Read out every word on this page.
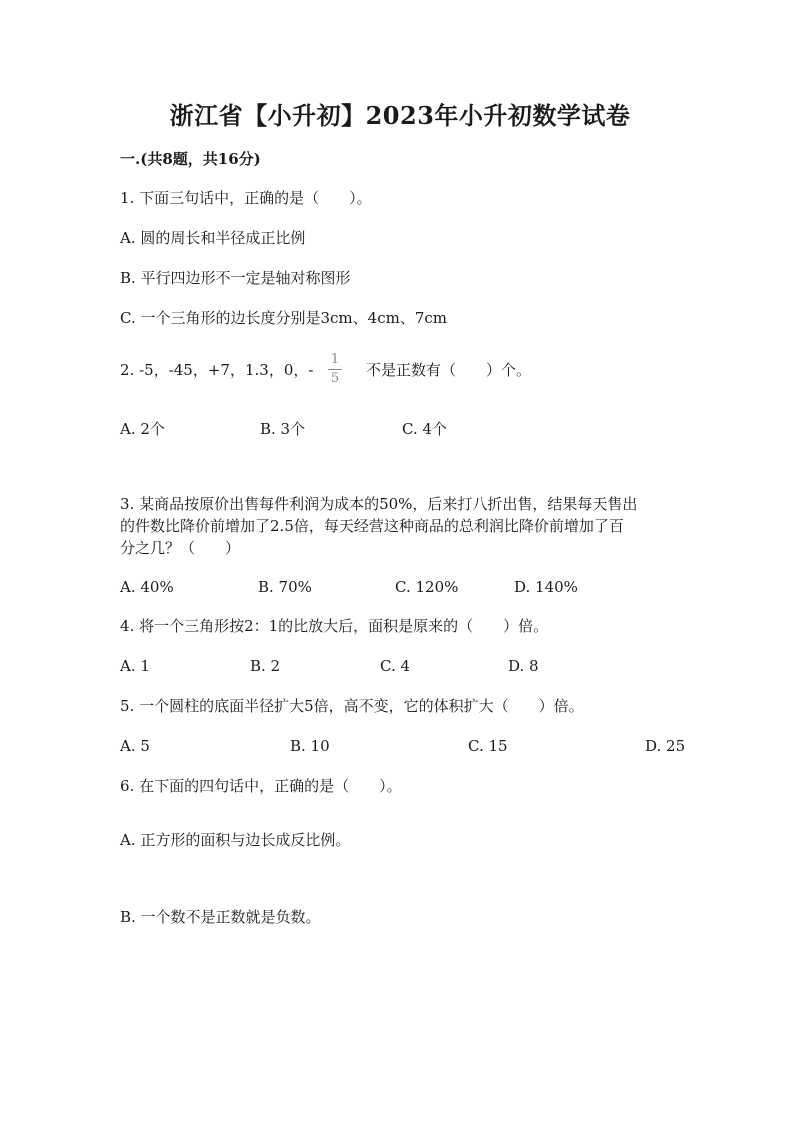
浙江省【小升初】2023年小升初数学试卷
一.(共8题，共16分)
1. 下面三句话中，正确的是（　　）。
A. 圆的周长和半径成正比例
B. 平行四边形不一定是轴对称图形
C. 一个三角形的边长度分别是3cm、4cm、7cm
2. -5，-45，+7，1.3，0，-
1
5	不是正数有（　　）个。
A. 2个	B. 3个	C. 4个
3. 某商品按原价出售每件利润为成本的50%，后来打八折出售，结果每天售出
的件数比降价前增加了2.5倍，每天经营这种商品的总利润比降价前增加了百
分之几？（　　）
A. 40%	B. 70%	C. 120%	D. 140%
4. 将一个三角形按2：1的比放大后，面积是原来的（　　）倍。
A. 1	B. 2	C. 4	D. 8
5. 一个圆柱的底面半径扩大5倍，高不变，它的体积扩大（　　）倍。
A. 5	B. 10	C. 15	D. 25
6. 在下面的四句话中，正确的是（　　）。
A. 正方形的面积与边长成反比例。
B. 一个数不是正数就是负数。
